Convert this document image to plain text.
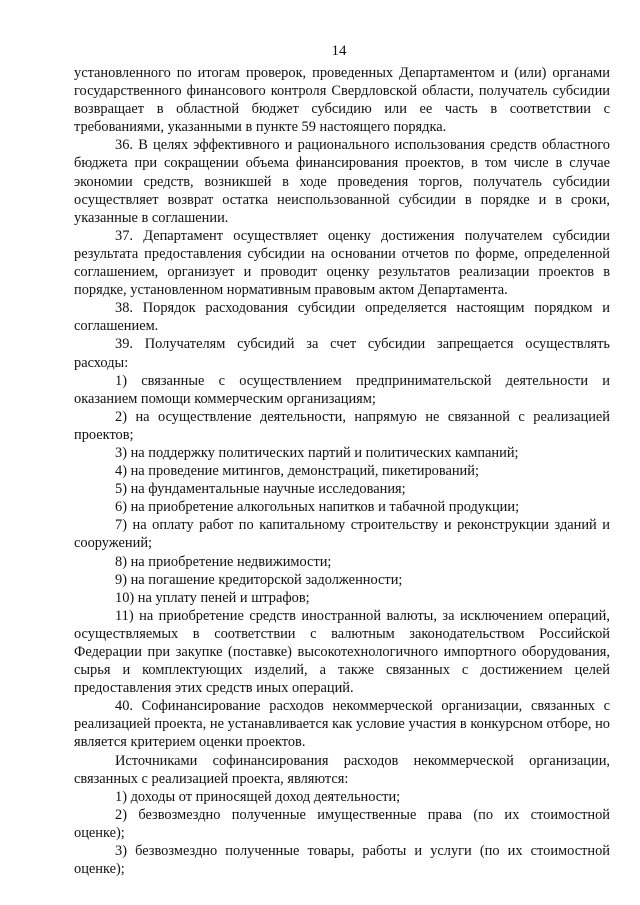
14

установленного по итогам проверок, проведенных Департаментом и (или) органами государственного финансового контроля Свердловской области, получатель субсидии возвращает в областной бюджет субсидию или ее часть в соответствии с требованиями, указанными в пункте 59 настоящего порядка.

36. В целях эффективного и рационального использования средств областного бюджета при сокращении объема финансирования проектов, в том числе в случае экономии средств, возникшей в ходе проведения торгов, получатель субсидии осуществляет возврат остатка неиспользованной субсидии в порядке и в сроки, указанные в соглашении.

37. Департамент осуществляет оценку достижения получателем субсидии результата предоставления субсидии на основании отчетов по форме, определенной соглашением, организует и проводит оценку результатов реализации проектов в порядке, установленном нормативным правовым актом Департамента.

38. Порядок расходования субсидии определяется настоящим порядком и соглашением.

39. Получателям субсидий за счет субсидии запрещается осуществлять расходы:

1) связанные с осуществлением предпринимательской деятельности и оказанием помощи коммерческим организациям;

2) на осуществление деятельности, напрямую не связанной с реализацией проектов;

3) на поддержку политических партий и политических кампаний;

4) на проведение митингов, демонстраций, пикетирований;

5) на фундаментальные научные исследования;

6) на приобретение алкогольных напитков и табачной продукции;

7) на оплату работ по капитальному строительству и реконструкции зданий и сооружений;

8) на приобретение недвижимости;

9) на погашение кредиторской задолженности;

10) на уплату пеней и штрафов;

11) на приобретение средств иностранной валюты, за исключением операций, осуществляемых в соответствии с валютным законодательством Российской Федерации при закупке (поставке) высокотехнологичного импортного оборудования, сырья и комплектующих изделий, а также связанных с достижением целей предоставления этих средств иных операций.

40. Софинансирование расходов некоммерческой организации, связанных с реализацией проекта, не устанавливается как условие участия в конкурсном отборе, но является критерием оценки проектов.

Источниками софинансирования расходов некоммерческой организации, связанных с реализацией проекта, являются:

1) доходы от приносящей доход деятельности;

2) безвозмездно полученные имущественные права (по их стоимостной оценке);

3) безвозмездно полученные товары, работы и услуги (по их стоимостной оценке);
